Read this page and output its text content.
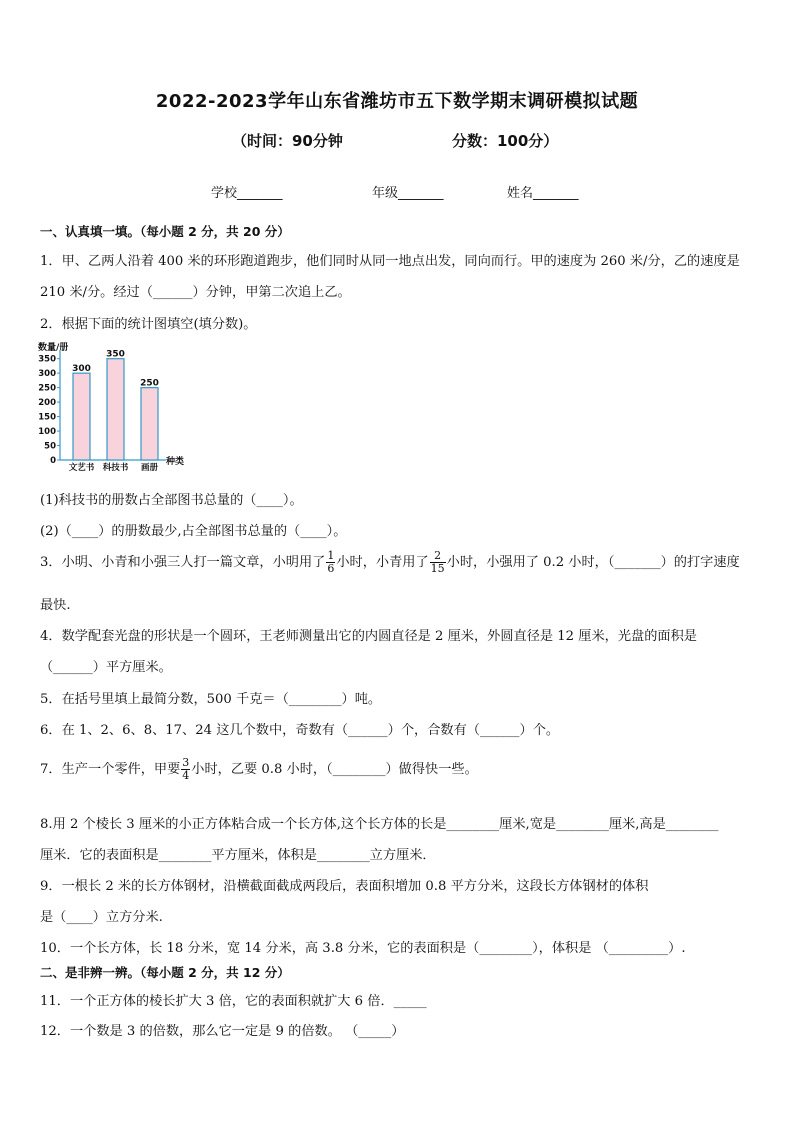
2022-2023学年山东省潍坊市五下数学期末调研模拟试题
（时间：90分钟	分数：100分）
学校_______	年级_______	姓名_______
一、认真填一填。（每小题 2 分，共 20 分）
1．甲、乙两人沿着 400 米的环形跑道跑步，他们同时从同一地点出发，同向而行。甲的速度为 260 米/分，乙的速度是
210 米/分。经过（______）分钟，甲第二次追上乙。
2．根据下面的统计图填空(填分数)。
数量/册
0
50
100
150
200
250
300
350
300
文艺书
350
科技书
250
画册
种类
(1)科技书的册数占全部图书总量的（____）。
(2)（____）的册数最少,占全部图书总量的（____）。
3．小明、小青和小强三人打一篇文章，小明用了 $\frac{1}{6}$ 小时，小青用了 $\frac{2}{15}$ 小时，小强用了 0.2 小时，（_______）的打字速度
最快.
4．数学配套光盘的形状是一个圆环，王老师测量出它的内圆直径是 2 厘米，外圆直径是 12 厘米，光盘的面积是
（______）平方厘米。
5．在括号里填上最简分数，500 千克＝（________）吨。
6．在 1、2、6、8、17、24 这几个数中，奇数有（______）个，合数有（______）个。
7．生产一个零件，甲要 $\frac{3}{4}$ 小时，乙要 0.8 小时，（________）做得快一些。
8.用 2 个棱长 3 厘米的小正方体粘合成一个长方体,这个长方体的长是________厘米,宽是________厘米,高是________
厘米．它的表面积是________平方厘米，体积是________立方厘米．
9．一根长 2 米的长方体钢材，沿横截面截成两段后，表面积增加 0.8 平方分米，这段长方体钢材的体积
是（____）立方分米.
10．一个长方体，长 18 分米，宽 14 分米，高 3.8 分米，它的表面积是（________），体积是 （_________）.
二、是非辨一辨。（每小题 2 分，共 12 分）
11．一个正方体的棱长扩大 3 倍，它的表面积就扩大 6 倍．_____
12．一个数是 3 的倍数，那么它一定是 9 的倍数。 （_____）
